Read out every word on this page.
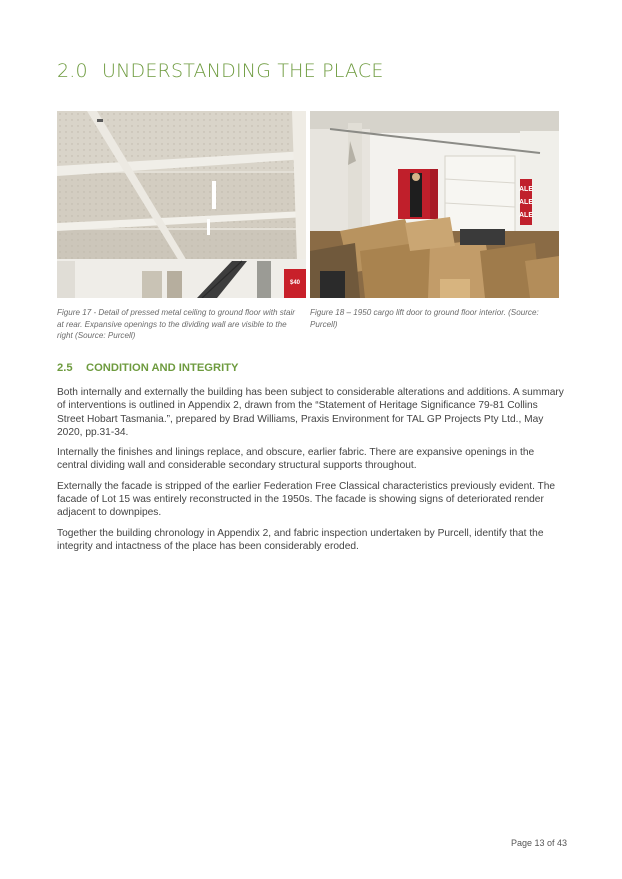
2.0 UNDERSTANDING THE PLACE
$40
ALE
ALE
ALE

Figure 17 - Detail of pressed metal ceiling to ground floor with stair at rear. Expansive openings to the dividing wall are visible to the right (Source: Purcell)

Figure 18 – 1950 cargo lift door to ground floor interior. (Source: Purcell)

2.5 CONDITION AND INTEGRITY

Both internally and externally the building has been subject to considerable alterations and additions. A summary of interventions is outlined in Appendix 2, drawn from the “Statement of Heritage Significance 79-81 Collins Street Hobart Tasmania.”, prepared by Brad Williams, Praxis Environment for TAL GP Projects Pty Ltd., May 2020, pp.31-34.

Internally the finishes and linings replace, and obscure, earlier fabric. There are expansive openings in the central dividing wall and considerable secondary structural supports throughout.

Externally the facade is stripped of the earlier Federation Free Classical characteristics previously evident. The facade of Lot 15 was entirely reconstructed in the 1950s. The facade is showing signs of deteriorated render adjacent to downpipes.

Together the building chronology in Appendix 2, and fabric inspection undertaken by Purcell, identify that the integrity and intactness of the place has been considerably eroded.

Page 13 of 43
